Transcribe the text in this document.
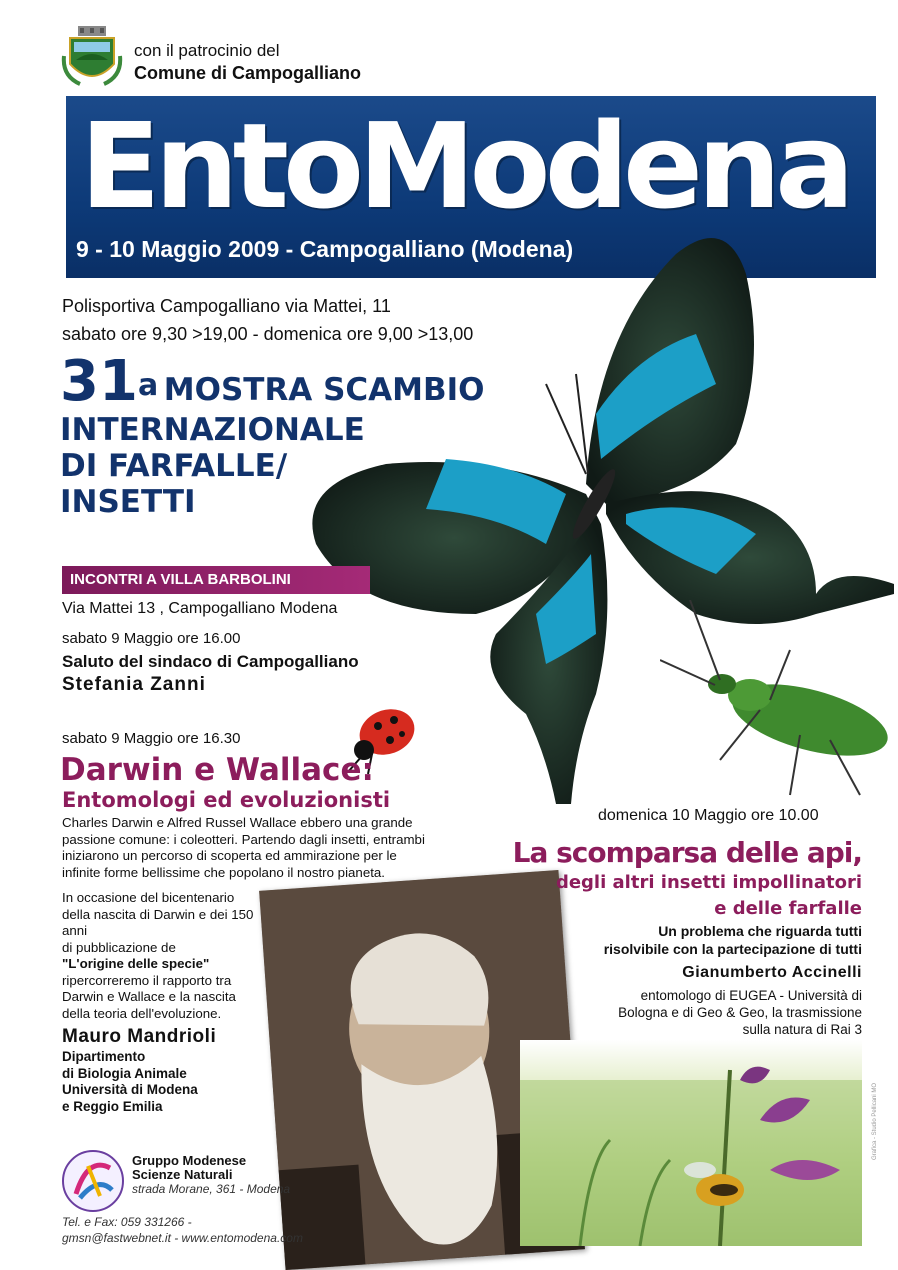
con il patrocinio del
Comune di Campogalliano
EntoModena
9 - 10 Maggio 2009 - Campogalliano (Modena)
Polisportiva Campogalliano via Mattei, 11
sabato ore 9,30 >19,00 - domenica ore 9,00 >13,00
31$^a$ MOSTRA SCAMBIO
INTERNAZIONALE
DI FARFALLE/
INSETTI
INCONTRI A VILLA BARBOLINI
Via Mattei 13 , Campogalliano Modena
sabato 9 Maggio ore 16.00
Saluto del sindaco di Campogalliano
Stefania Zanni
sabato 9 Maggio ore 16.30
Darwin e Wallace:
Entomologi ed evoluzionisti
Charles Darwin e Alfred Russel Wallace ebbero una grande
passione comune: i coleotteri. Partendo dagli insetti, entrambi
iniziarono un percorso di scoperta ed ammirazione per le
infinite forme bellissime che popolano il nostro pianeta.
In occasione del bicentenario
della nascita di Darwin e dei 150 anni
di pubblicazione de
"L'origine delle specie"
ripercorreremo il rapporto tra
Darwin e Wallace e la nascita
della teoria dell'evoluzione.
Mauro Mandrioli
Dipartimento
di Biologia Animale
Università di Modena
e Reggio Emilia
Gruppo Modenese
Scienze Naturali
strada Morane, 361 - Modena
Tel. e Fax: 059 331266 -
gmsn@fastwebnet.it - www.entomodena.com
domenica 10 Maggio ore 10.00
La scomparsa delle api,
degli altri insetti impollinatori
e delle farfalle
Un problema che riguarda tutti
risolvibile con la partecipazione di tutti
Gianumberto Accinelli
entomologo di EUGEA - Università di
Bologna e di Geo & Geo, la trasmissione
sulla natura di Rai 3
Grafica - Studio Pellicani MO
